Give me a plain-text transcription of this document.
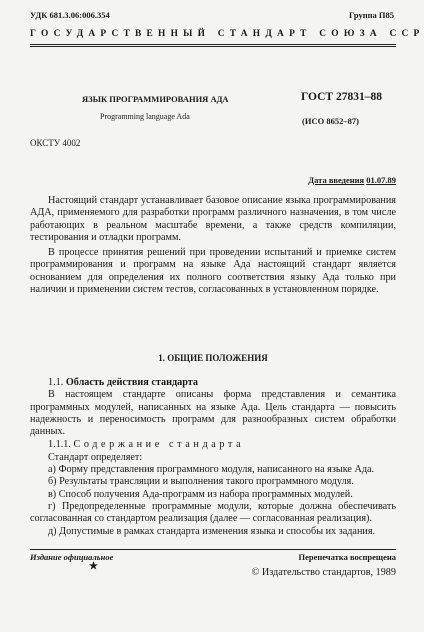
УДК 681.3.06:006.354	Группа П85
ГОСУДАРСТВЕННЫЙ СТАНДАРТ СОЮЗА ССР
ЯЗЫК ПРОГРАММИРОВАНИЯ АДА
Programming language Ada
ГОСТ 27831–88
(ИСО 8652–87)
ОКСТУ 4002
Дата введения 01.07.89

Настоящий стандарт устанавливает базовое описание языка программирования АДА, применяемого для разработки программ различного назначения, в том числе работающих в реальном масштабе времени, а также средств компиляции, тестирования и отладки программ.

В процессе принятия решений при проведении испытаний и приемке систем программирования и программ на языке Ада настоящий стандарт является основанием для определения их полного соответствия языку Ада только при наличии и применении систем тестов, согласованных в установленном порядке.

1. ОБЩИЕ ПОЛОЖЕНИЯ

1.1. Область действия стандарта

В настоящем стандарте описаны форма представления и семантика программных модулей, написанных на языке Ада. Цель стандарта — повысить надежность и переносимость программ для разнообразных систем обработки данных.

1.1.1. Содержание стандарта

Стандарт определяет:

а) Форму представления программного модуля, написанного на языке Ада.

б) Результаты трансляции и выполнения такого программного модуля.

в) Способ получения Ада-программ из набора программных модулей.

г) Предопределенные программные модули, которые должна обеспечивать согласованная со стандартом реализация (далее — согласованная реализация).

д) Допустимые в рамках стандарта изменения языка и способы их задания.

Издание официальное	Перепечатка воспрещена
★
© Издательство стандартов, 1989
